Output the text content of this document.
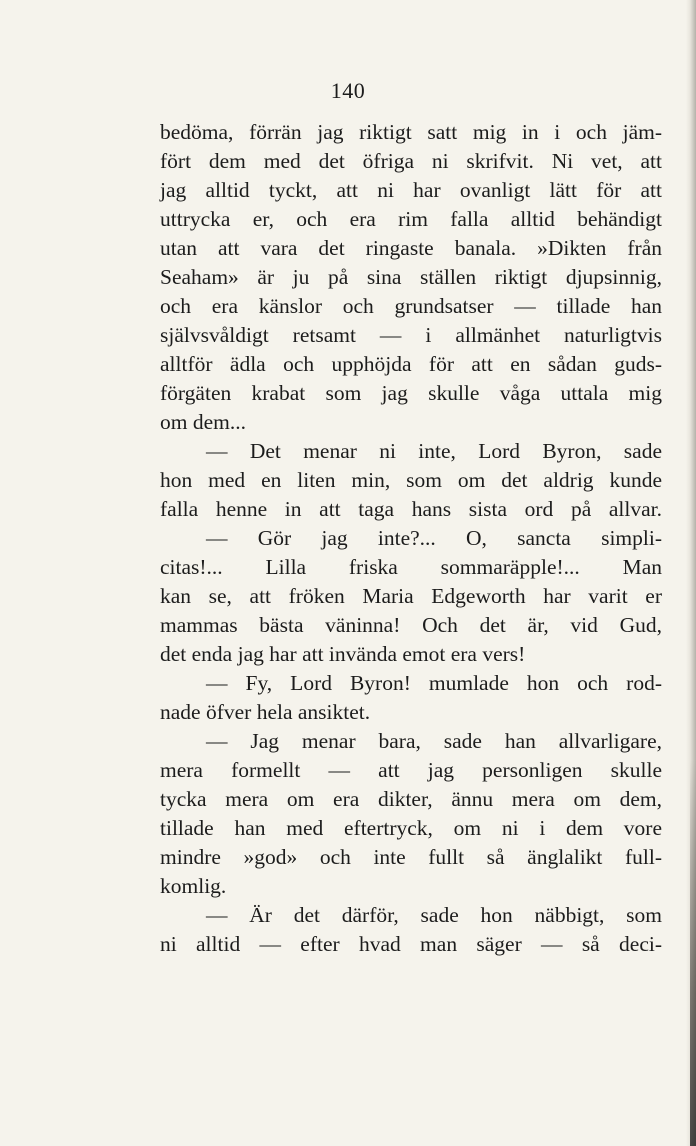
140
bedöma, förrän jag riktigt satt mig in i och jäm-
fört dem med det öfriga ni skrifvit. Ni vet, att
jag alltid tyckt, att ni har ovanligt lätt för att
uttrycka er, och era rim falla alltid behändigt
utan att vara det ringaste banala. »Dikten från
Seaham» är ju på sina ställen riktigt djupsinnig,
och era känslor och grundsatser — tillade han
självsvåldigt retsamt — i allmänhet naturligtvis
alltför ädla och upphöjda för att en sådan guds-
förgäten krabat som jag skulle våga uttala mig
om dem...
— Det menar ni inte, Lord Byron, sade
hon med en liten min, som om det aldrig kunde
falla henne in att taga hans sista ord på allvar.
— Gör jag inte?... O, sancta simpli-
citas!... Lilla friska sommaräpple!... Man
kan se, att fröken Maria Edgeworth har varit er
mammas bästa väninna! Och det är, vid Gud,
det enda jag har att invända emot era vers!
— Fy, Lord Byron! mumlade hon och rod-
nade öfver hela ansiktet.
— Jag menar bara, sade han allvarligare,
mera formellt — att jag personligen skulle
tycka mera om era dikter, ännu mera om dem,
tillade han med eftertryck, om ni i dem vore
mindre »god» och inte fullt så änglalikt full-
komlig.
— Är det därför, sade hon näbbigt, som
ni alltid — efter hvad man säger — så deci-
